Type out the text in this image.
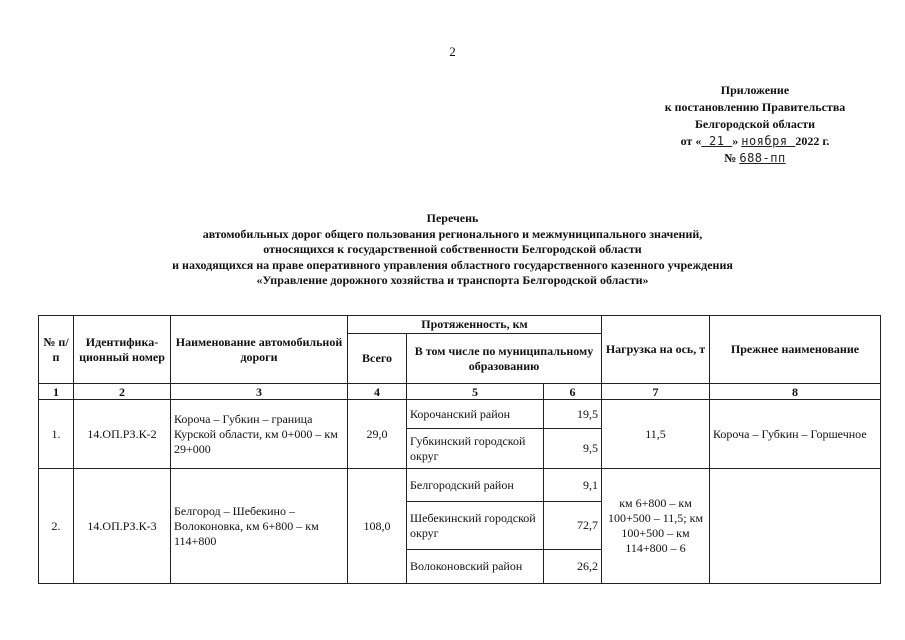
2
Приложение
к постановлению Правительства
Белгородской области
от « 21 » ноября 2022 г.
№ 688-пп
Перечень
автомобильных дорог общего пользования регионального и межмуниципального значений,
относящихся к государственной собственности Белгородской области
и находящихся на праве оперативного управления областного государственного казенного учреждения
«Управление дорожного хозяйства и транспорта Белгородской области»
№ п/п	Идентифика-ционный номер	Наименование автомобильной дороги	Протяженность, км			Нагрузка на ось, т	Прежнее наименование
			Всего	В том числе по муниципальному образованию			
1	2	3	4	5	6	7	8
1.	14.ОП.РЗ.К-2	Короча – Губкин – граница Курской области, км 0+000 – км 29+000	29,0	Корочанский район	19,5	11,5	Короча – Губкин – Горшечное
				Губкинский городской округ	9,5		
2.	14.ОП.РЗ.К-3	Белгород – Шебекино – Волоконовка, км 6+800 – км 114+800	108,0	Белгородский район	9,1	км 6+800 – км 100+500 – 11,5; км 100+500 – км 114+800 – 6	
				Шебекинский городской округ	72,7		
				Волоконовский район	26,2		
